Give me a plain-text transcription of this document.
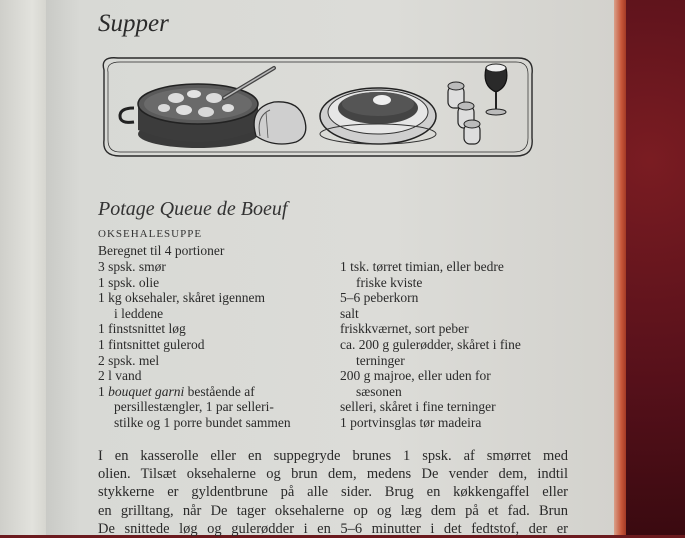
Supper
Potage Queue de Boeuf
OKSEHALESUPPE
Beregnet til 4 portioner
3 spsk. smør
1 spsk. olie
1 kg oksehaler, skåret igennem
i leddene
1 finstsnittet løg
1 fintsnittet gulerod
2 spsk. mel
2 l vand
1 bouquet garni bestående af
persillestængler, 1 par selleri-
stilke og 1 porre bundet sammen
1 tsk. tørret timian, eller bedre
friske kviste
5–6 peberkorn
salt
friskkværnet, sort peber
ca. 200 g gulerødder, skåret i fine
terninger
200 g majroe, eller uden for
sæsonen
selleri, skåret i fine terninger
1 portvinsglas tør madeira
I en kasserolle eller en suppegryde brunes 1 spsk. af smørret med
olien. Tilsæt oksehalerne og brun dem, medens De vender dem, indtil
stykkerne er gyldentbrune på alle sider. Brug en køkkengaffel eller
en grilltang, når De tager oksehalerne op og læg dem på et fad. Brun
De snittede løg og gulerødder i en 5–6 minutter i det fedtstof, der er
